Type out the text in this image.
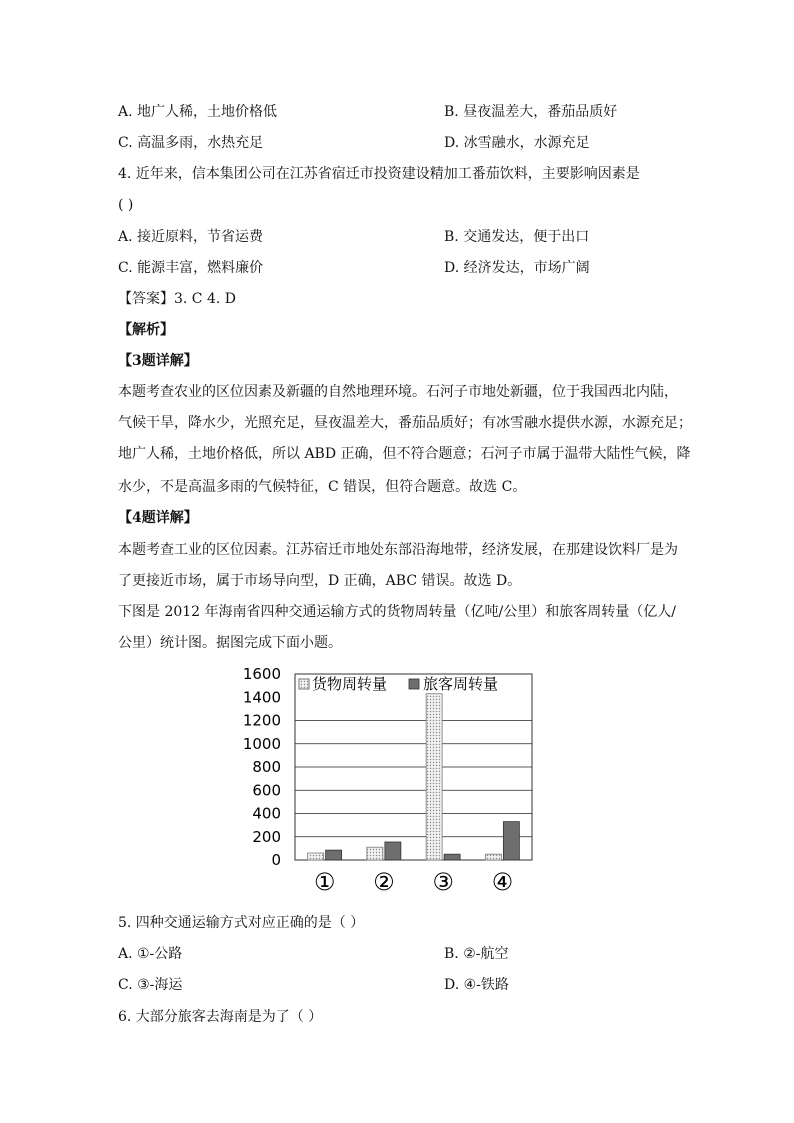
A. 地广人稀，土地价格低	B. 昼夜温差大，番茄品质好
C. 高温多雨，水热充足	D. 冰雪融水，水源充足
4. 近年来，信本集团公司在江苏省宿迁市投资建设精加工番茄饮料，主要影响因素是
( )
A. 接近原料，节省运费	B. 交通发达，便于出口
C. 能源丰富，燃料廉价	D. 经济发达，市场广阔
【答案】3. C 4. D
【解析】
【3题详解】
本题考查农业的区位因素及新疆的自然地理环境。石河子市地处新疆，位于我国西北内陆，
气候干旱，降水少，光照充足，昼夜温差大，番茄品质好；有冰雪融水提供水源，水源充足；
地广人稀，土地价格低，所以 ABD 正确，但不符合题意；石河子市属于温带大陆性气候，降
水少，不是高温多雨的气候特征，C 错误，但符合题意。故选 C。
【4题详解】
本题考查工业的区位因素。江苏宿迁市地处东部沿海地带，经济发展，在那建设饮料厂是为
了更接近市场，属于市场导向型，D 正确，ABC 错误。故选 D。
下图是 2012 年海南省四种交通运输方式的货物周转量（亿吨/公里）和旅客周转量（亿人/
公里）统计图。据图完成下面小题。
0
200
400
600
800
1000
1200
1400
1600
货物周转量 旅客周转量
① ② ③ ④
5. 四种交通运输方式对应正确的是（ ）
A. ①-公路	B. ②-航空
C. ③-海运	D. ④-铁路
6. 大部分旅客去海南是为了（ ）
